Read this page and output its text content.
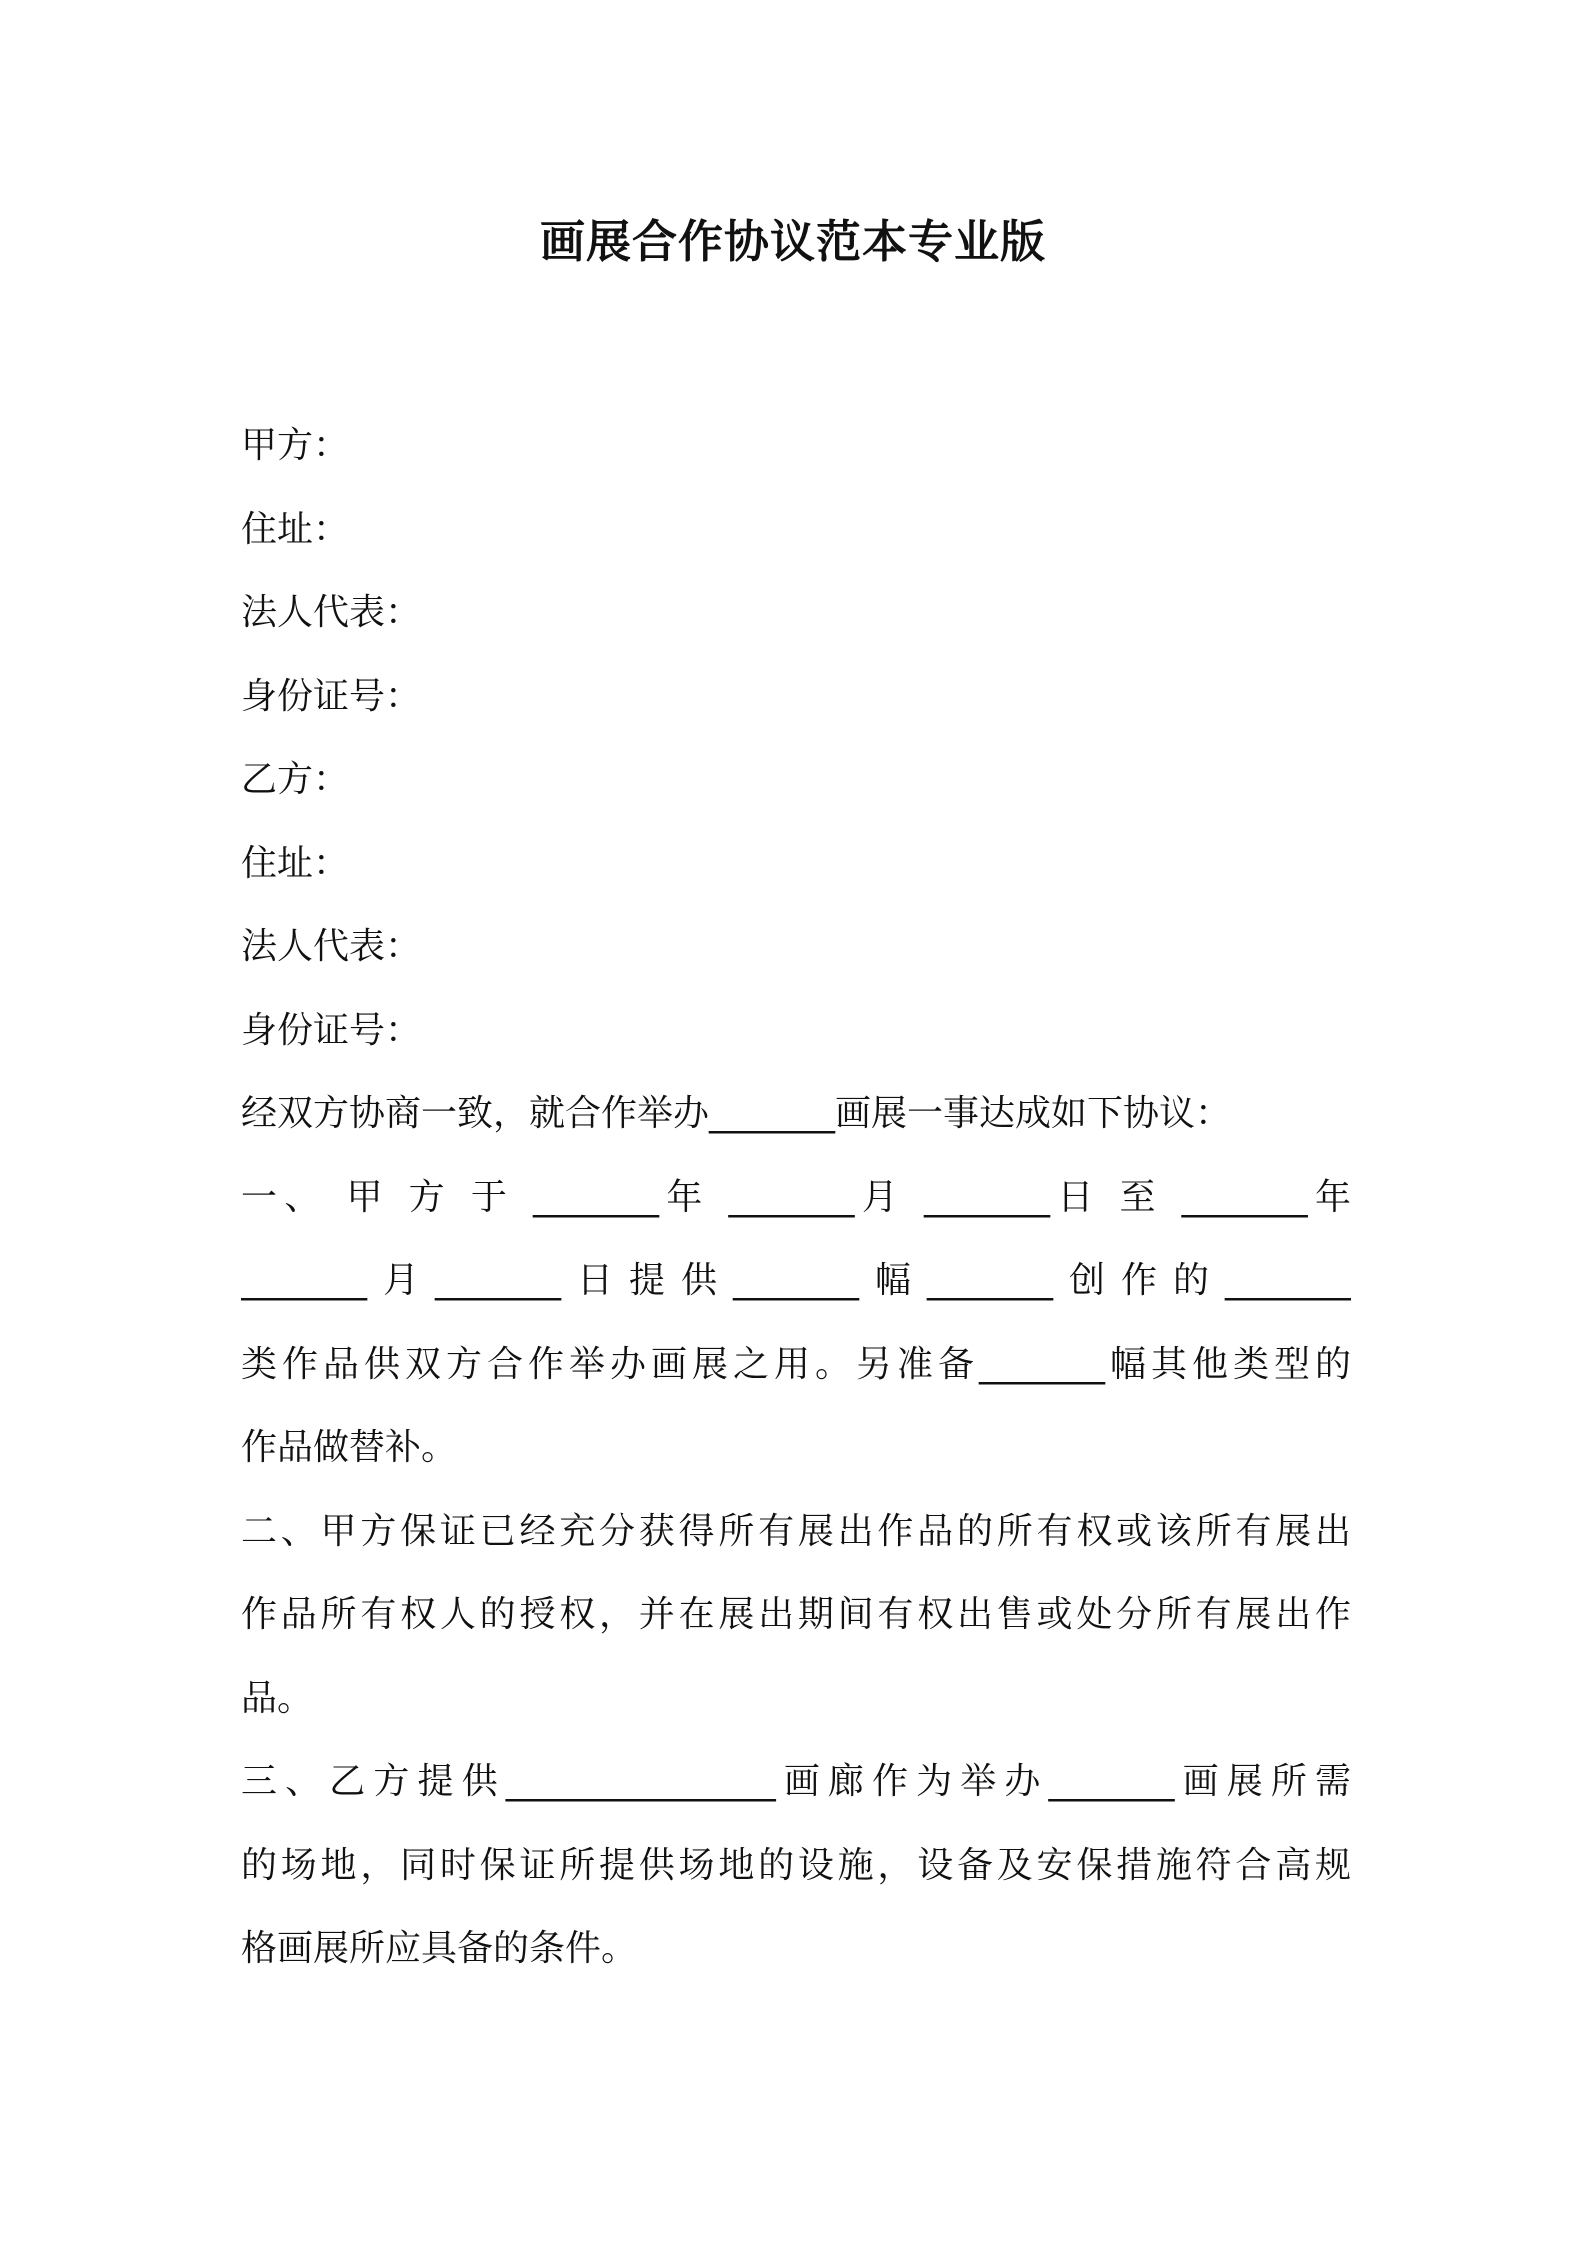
画展合作协议范本专业版
甲方：
住址：
法人代表：
身份证号：
乙方：
住址：
法人代表：
身份证号：
经双方协商一致，就合作举办_______画展一事达成如下协议：
一、 甲 方 于 _______年 _______月 _______日 至 _______年
_______月_______日提供_______幅_______创作的_______
类作品供双方合作举办画展之用。另准备_______幅其他类型的
作品做替补。
二、甲方保证已经充分获得所有展出作品的所有权或该所有展出
作品所有权人的授权，并在展出期间有权出售或处分所有展出作
品。
三、乙方提供_______________画廊作为举办_______画展所需
的场地，同时保证所提供场地的设施，设备及安保措施符合高规
格画展所应具备的条件。
